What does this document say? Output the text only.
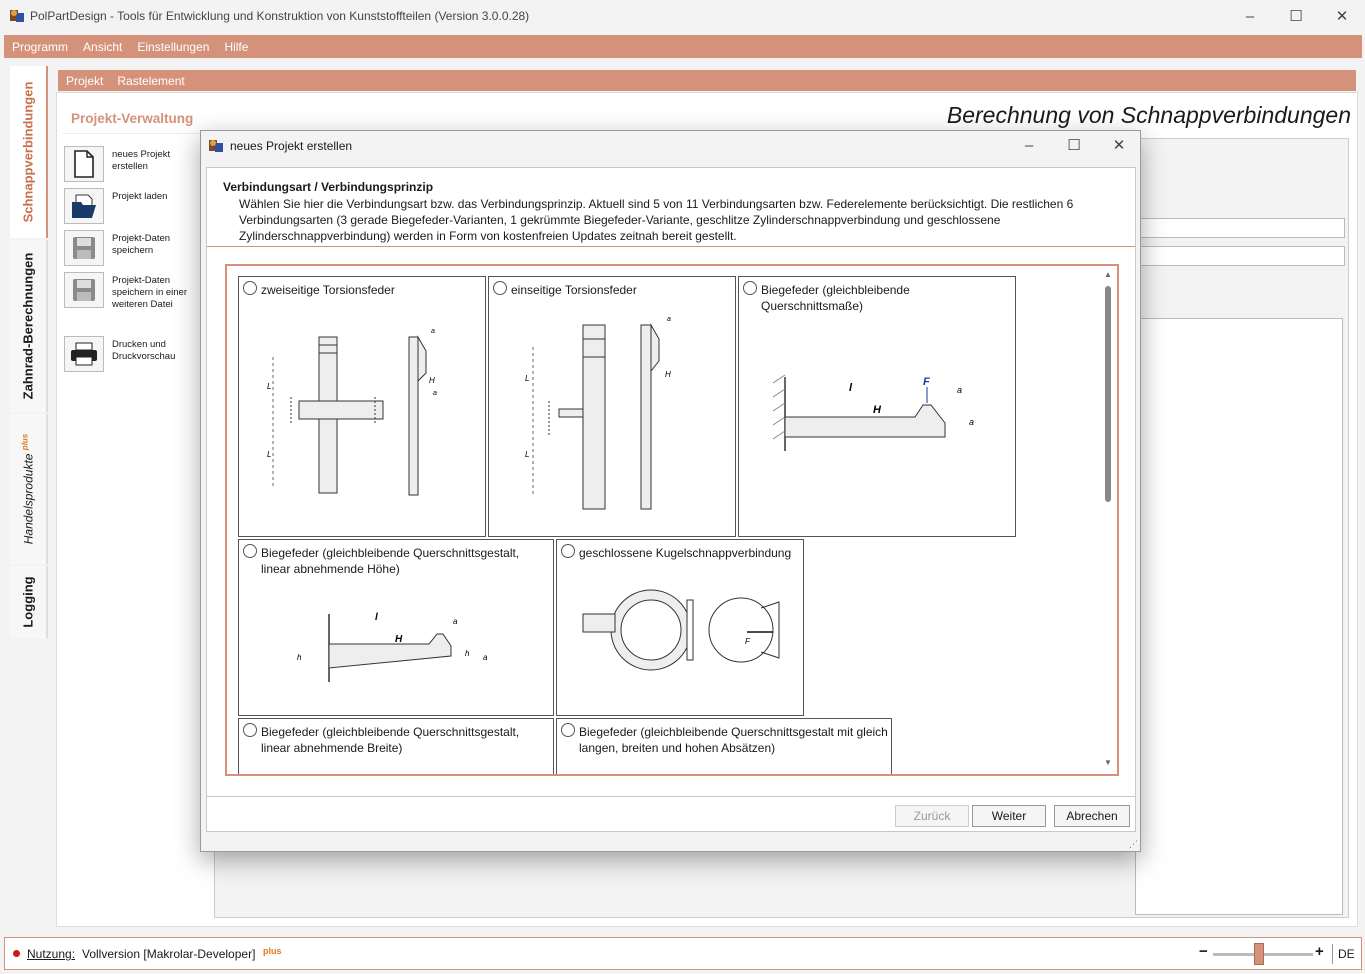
PolPartDesign - Tools für Entwicklung und Konstruktion von Kunststoffteilen (Version 3.0.0.28)	–	☐	✕
Programm Ansicht Einstellungen Hilfe
Schnappverbindungen
Zahnrad-Berechnungen
Handelsprodukte $^{plus}$
Logging
Projekt Rastelement
Projekt-Verwaltung	Berechnung von Schnappverbindungen
neues Projekt erstellen
Projekt laden
Projekt-Daten speichern
Projekt-Daten speichern in einer weiteren Datei
Drucken und Druckvorschau
neues Projekt erstellen	–	☐	✕
Verbindungsart / Verbindungsprinzip
Wählen Sie hier die Verbindungsart bzw. das Verbindungsprinzip. Aktuell sind 5 von 11 Verbindungsarten bzw. Federelemente berücksichtigt. Die restlichen 6 Verbindungsarten (3 gerade Biegefeder-Varianten, 1 gekrümmte Biegefeder-Variante, geschlitze Zylinderschnappverbindung und geschlossene Zylinderschnappverbindung) werden in Form von kostenfreien Updates zeitnah bereit gestellt.
zweiseitige Torsionsfeder
L
L
H
a
a
einseitige Torsionsfeder
L
L
H
a
Biegefeder (gleichbleibende Querschnittsmaße)
l
H
F
a
a
Biegefeder (gleichbleibende Querschnittsgestalt, linear abnehmende Höhe)
l
H
h	h
a
a
geschlossene Kugelschnappverbindung
F
Biegefeder (gleichbleibende Querschnittsgestalt, linear abnehmende Breite)
Biegefeder (gleichbleibende Querschnittsgestalt mit gleich langen, breiten und hohen Absätzen)
▲
▼
Zurück	Weiter	Abrechen
⋰
Nutzung: Vollversion [Makrolar-Developer] plus	−	+ DE
